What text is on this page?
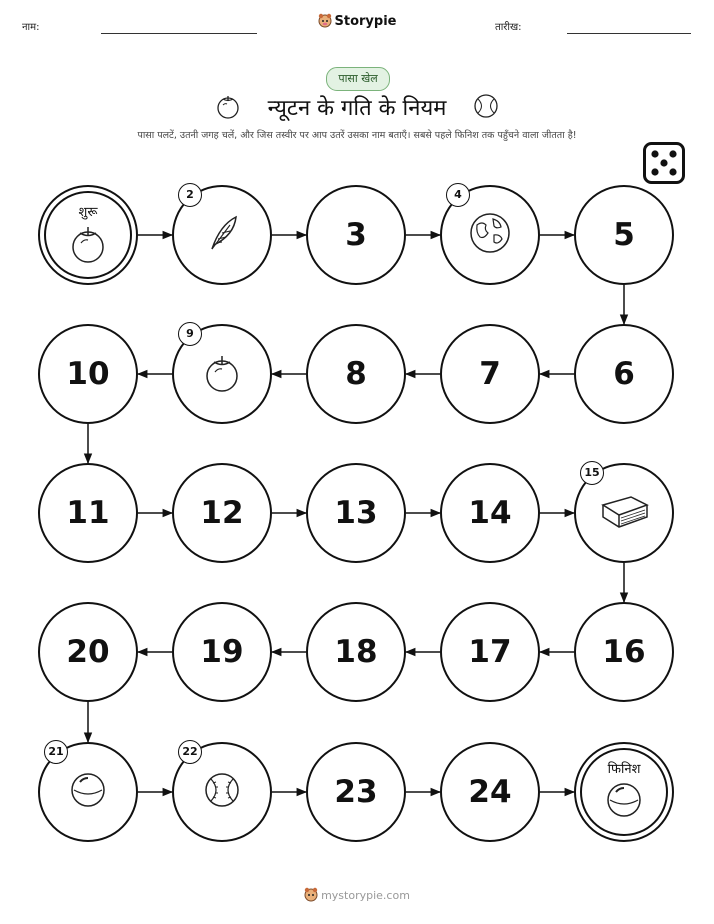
नाम:	Storypie	तारीख:
पासा खेल
न्यूटन के गति के नियम
पासा पलटें, उतनी जगह चलें, और जिस तस्वीर पर आप उतरें उसका नाम बताएँ। सबसे पहले फिनिश तक पहुँचने वाला जीतता है!
शुरू
2
3
4
5
6
7
8
9
10
11	12	13	14
15
16
17
18
19
20
21	22
23	24
फिनिश
mystorypie.com
